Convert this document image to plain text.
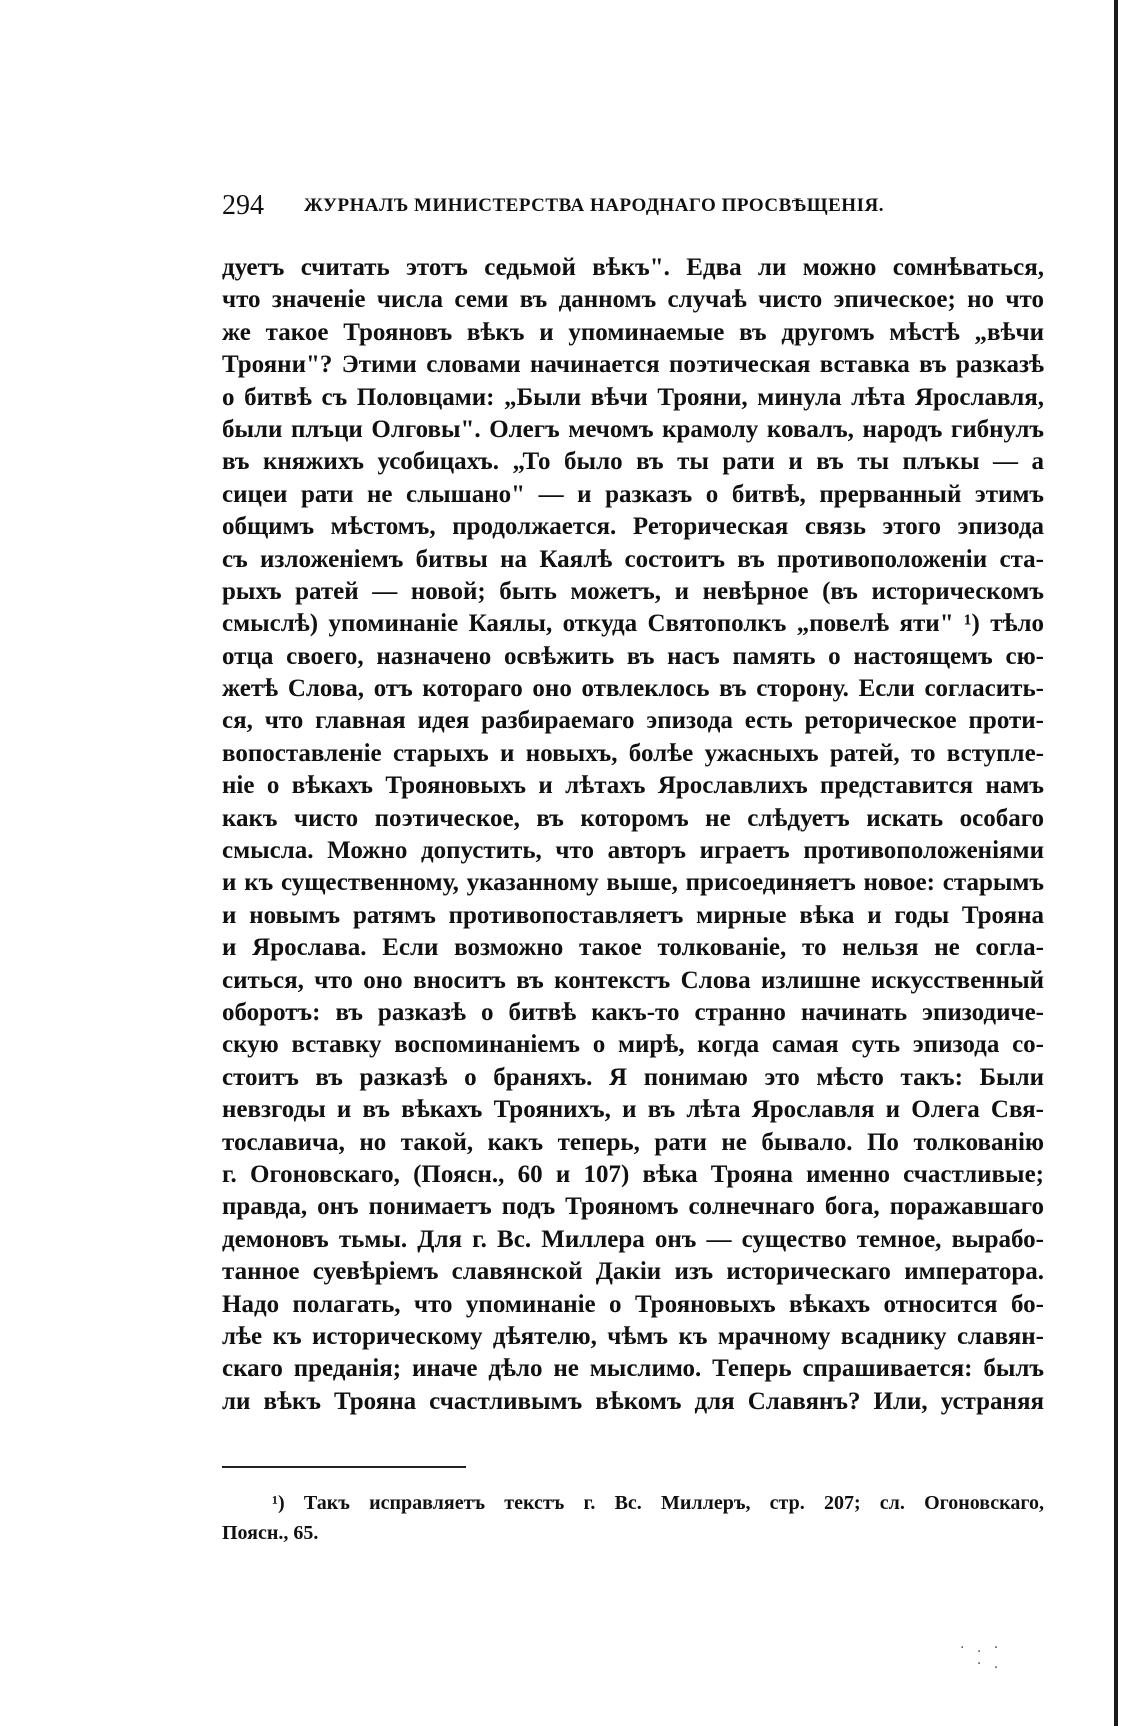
294 ЖУРНАЛЪ МИНИСТЕРСТВА НАРОДНАГО ПРОСВѢЩЕНІЯ.
дуетъ считать этотъ седьмой вѣкъ". Едва ли можно сомнѣваться,
что значеніе числа семи въ данномъ случаѣ чисто эпическое; но что
же такое Трояновъ вѣкъ и упоминаемые въ другомъ мѣстѣ „вѣчи
Трояни"? Этими словами начинается поэтическая вставка въ разказѣ
о битвѣ съ Половцами: „Были вѣчи Трояни, минула лѣта Ярославля,
были плъци Олговы". Олегъ мечомъ крамолу ковалъ, народъ гибнулъ
въ княжихъ усобицахъ. „То было въ ты рати и въ ты плъкы — а
сицеи рати не слышано" — и разказъ о битвѣ, прерванный этимъ
общимъ мѣстомъ, продолжается. Реторическая связь этого эпизода
съ изложеніемъ битвы на Каялѣ состоитъ въ противоположеніи ста-
рыхъ ратей — новой; быть можетъ, и невѣрное (въ историческомъ
смыслѣ) упоминаніе Каялы, откуда Святополкъ „повелѣ яти" ¹) тѣло
отца своего, назначено освѣжить въ насъ память о настоящемъ сю-
жетѣ Слова, отъ котораго оно отвлеклось въ сторону. Если согласить-
ся, что главная идея разбираемаго эпизода есть реторическое проти-
вопоставленіе старыхъ и новыхъ, болѣе ужасныхъ ратей, то вступле-
ніе о вѣкахъ Трояновыхъ и лѣтахъ Ярославлихъ представится намъ
какъ чисто поэтическое, въ которомъ не слѣдуетъ искать особаго
смысла. Можно допустить, что авторъ играетъ противоположеніями
и къ существенному, указанному выше, присоединяетъ новое: старымъ
и новымъ ратямъ противопоставляетъ мирные вѣка и годы Трояна
и Ярослава. Если возможно такое толкованіе, то нельзя не согла-
ситься, что оно вноситъ въ контекстъ Слова излишне искусственный
оборотъ: въ разказѣ о битвѣ какъ-то странно начинать эпизодиче-
скую вставку воспоминаніемъ о мирѣ, когда самая суть эпизода со-
стоитъ въ разказѣ о браняхъ. Я понимаю это мѣсто такъ: Были
невзгоды и въ вѣкахъ Трояниxъ, и въ лѣта Ярославля и Олега Свя-
тославича, но такой, какъ теперь, рати не бывало. По толкованію
г. Огоновскаго, (Поясн., 60 и 107) вѣка Трояна именно счастливые;
правда, онъ понимаетъ подъ Трояномъ солнечнаго бога, поражавшаго
демоновъ тьмы. Для г. Вс. Миллера онъ — существо темное, вырабо-
танное суевѣріемъ славянской Дакіи изъ историческаго императора.
Надо полагать, что упоминаніе о Трояновыхъ вѣкахъ относится бо-
лѣе къ историческому дѣятелю, чѣмъ къ мрачному всаднику славян-
скаго преданія; иначе дѣло не мыслимо. Теперь спрашивается: былъ
ли вѣкъ Трояна счастливымъ вѣкомъ для Славянъ? Или, устраняя
¹) Такъ исправляетъ текстъ г. Вс. Миллеръ, стр. 207; сл. Огоновскаго,
Поясн., 65.
· . ·
· .
